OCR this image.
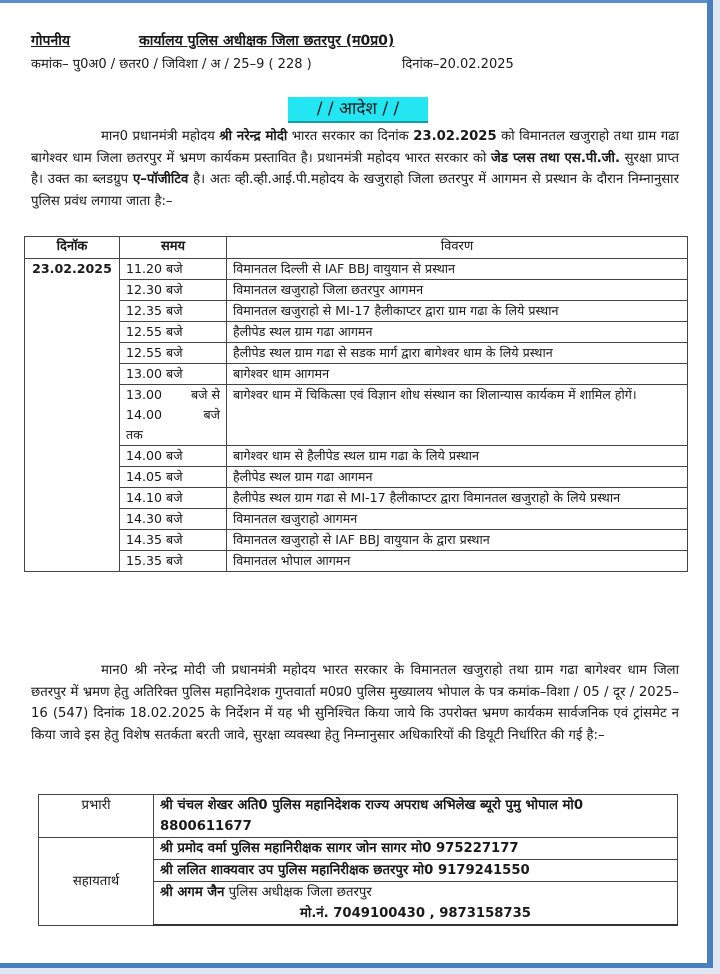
गोपनीय	कार्यालय पुलिस अधीक्षक जिला छतरपुर (म0प्र0)
कमांक– पु0अ0 / छतर0 / जिविशा / अ / 25–9 ( 228 )	दिनांक–20.02.2025
/ / आदेश / /
मान0 प्रधानमंत्री महोदय श्री नरेन्द्र मोदी भारत सरकार का दिनांक 23.02.2025 को विमानतल खजुराहो तथा ग्राम गढा बागेश्वर धाम जिला छतरपुर में भ्रमण कार्यकम प्रस्तावित है। प्रधानमंत्री महोदय भारत सरकार को जेड प्लस तथा एस.पी.जी. सुरक्षा प्राप्त है। उक्त का ब्लडग्रुप ए–पॉजीटिव है। अतः व्ही.व्ही.आई.पी.महोदय के खजुराहो जिला छतरपुर में आगमन से प्रस्थान के दौरान निम्नानुसार पुलिस प्रवंध लगाया जाता है:–
दिनॉक	समय	विवरण
23.02.2025	11.20 बजे	विमानतल दिल्ली से IAF BBJ वायुयान से प्रस्थान
	12.30 बजे	विमानतल खजुराहो जिला छतरपुर आगमन
	12.35 बजे	विमानतल खजुराहो से MI-17 हैलीकाप्टर द्वारा ग्राम गढा के लिये प्रस्थान
	12.55 बजे	हैलीपेड स्थल ग्राम गढा आगमन
	12.55 बजे	हैलीपेड स्थल ग्राम गढा से सडक मार्ग द्वारा बागेश्वर धाम के लिये प्रस्थान
	13.00 बजे	बागेश्वर धाम आगमन

	13.00 बजे से
14.00 बजे
तक	बागेश्वर धाम में चिकित्सा एवं विज्ञान शोध संस्थान का शिलान्यास कार्यकम में शामिल होगें।
	14.00 बजे	बागेश्वर धाम से हैलीपेड स्थल ग्राम गढा के लिये प्रस्थान
	14.05 बजे	हैलीपेड स्थल ग्राम गढा आगमन
	14.10 बजे	हैलीपेड स्थल ग्राम गढा से MI-17 हैलीकाप्टर द्वारा विमानतल खजुराहो के लिये प्रस्थान
	14.30 बजे	विमानतल खजुराहो आगमन
	14.35 बजे	विमानतल खजुराहो से IAF BBJ वायुयान के द्वारा प्रस्थान
	15.35 बजे	विमानतल भोपाल आगमन
मान0 श्री नरेन्द्र मोदी जी प्रधानमंत्री महोदय भारत सरकार के विमानतल खजुराहो तथा ग्राम गढा बागेश्वर धाम जिला छतरपुर में भ्रमण हेतु अतिरिक्त पुलिस महानिदेशक गुप्तवार्ता म0प्र0 पुलिस मुख्यालय भोपाल के पत्र कमांक–विशा / 05 / दूर / 2025–16 (547) दिनांक 18.02.2025 के निर्देशन में यह भी सुनिश्चित किया जाये कि उपरोक्त भ्रमण कार्यकम सार्वजनिक एवं ट्रांसमेट न किया जावे इस हेतु विशेष सतर्कता बरती जावे, सुरक्षा व्यवस्था हेतु निम्नानुसार अधिकारियों की डियूटी निर्धारित की गई है:–
प्रभारी	श्री चंचल शेखर अति0 पुलिस महानिदेशक राज्य अपराध अभिलेख ब्यूरो पुमु भोपाल मो0 8800611677
सहायतार्थ	श्री प्रमोद वर्मा पुलिस महानिरीक्षक सागर जोन सागर मो0 975227177
	श्री ललित शाक्यवार उप पुलिस महानिरीक्षक छतरपुर मो0 9179241550

	श्री अगम जैन पुलिस अधीक्षक जिला छतरपुर
मो.नं. 7049100430 , 9873158735
